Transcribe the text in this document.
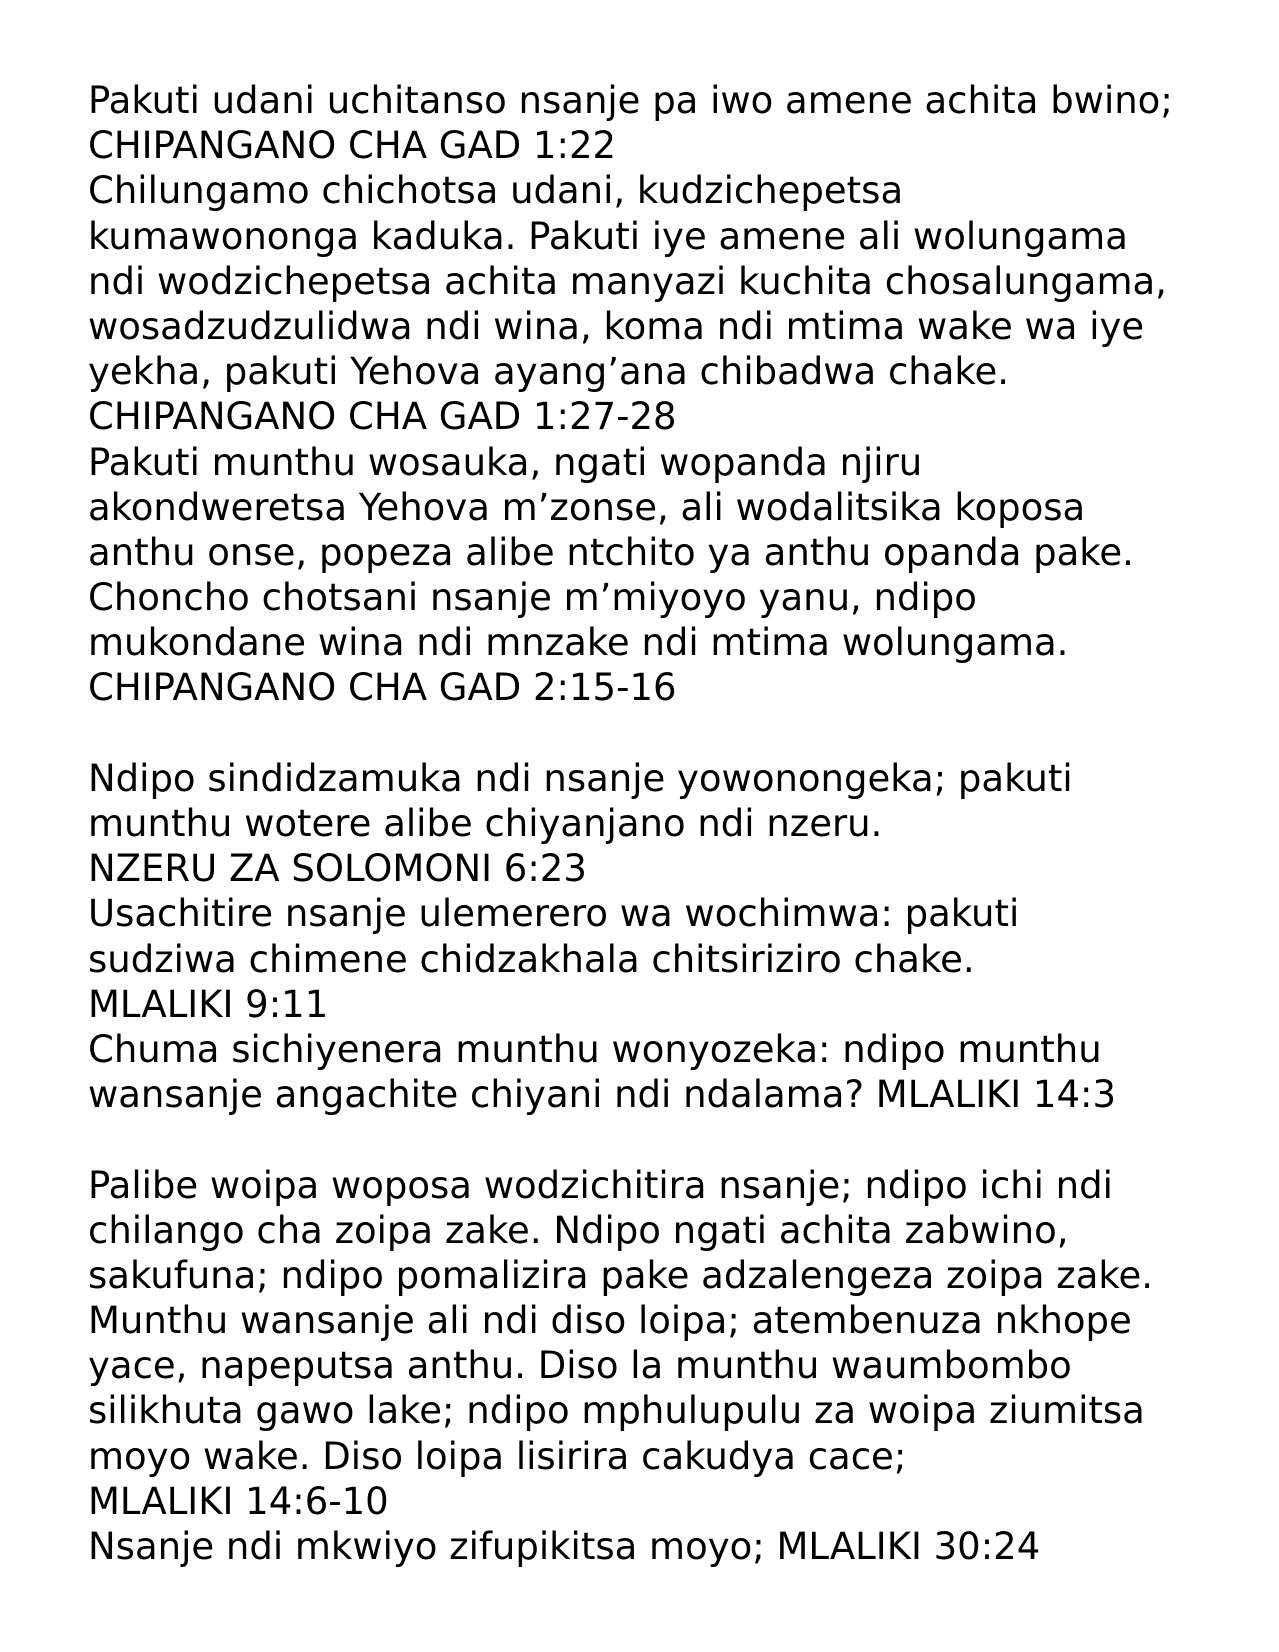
Pakuti udani uchitanso nsanje pa iwo amene achita bwino;
CHIPANGANO CHA GAD 1:22
Chilungamo chichotsa udani, kudzichepetsa
kumawononga kaduka. Pakuti iye amene ali wolungama
ndi wodzichepetsa achita manyazi kuchita chosalungama,
wosadzudzulidwa ndi wina, koma ndi mtima wake wa iye
yekha, pakuti Yehova ayang’ana chibadwa chake.
CHIPANGANO CHA GAD 1:27-28
Pakuti munthu wosauka, ngati wopanda njiru
akondweretsa Yehova m’zonse, ali wodalitsika koposa
anthu onse, popeza alibe ntchito ya anthu opanda pake.
Choncho chotsani nsanje m’miyoyo yanu, ndipo
mukondane wina ndi mnzake ndi mtima wolungama.
CHIPANGANO CHA GAD 2:15-16
Ndipo sindidzamuka ndi nsanje yowonongeka; pakuti
munthu wotere alibe chiyanjano ndi nzeru.
NZERU ZA SOLOMONI 6:23
Usachitire nsanje ulemerero wa wochimwa: pakuti
sudziwa chimene chidzakhala chitsiriziro chake.
MLALIKI 9:11
Chuma sichiyenera munthu wonyozeka: ndipo munthu
wansanje angachite chiyani ndi ndalama? MLALIKI 14:3
Palibe woipa woposa wodzichitira nsanje; ndipo ichi ndi
chilango cha zoipa zake. Ndipo ngati achita zabwino,
sakufuna; ndipo pomalizira pake adzalengeza zoipa zake.
Munthu wansanje ali ndi diso loipa; atembenuza nkhope
yace, napeputsa anthu. Diso la munthu waumbombo
silikhuta gawo lake; ndipo mphulupulu za woipa ziumitsa
moyo wake. Diso loipa lisirira cakudya cace;
MLALIKI 14:6-10
Nsanje ndi mkwiyo zifupikitsa moyo; MLALIKI 30:24
